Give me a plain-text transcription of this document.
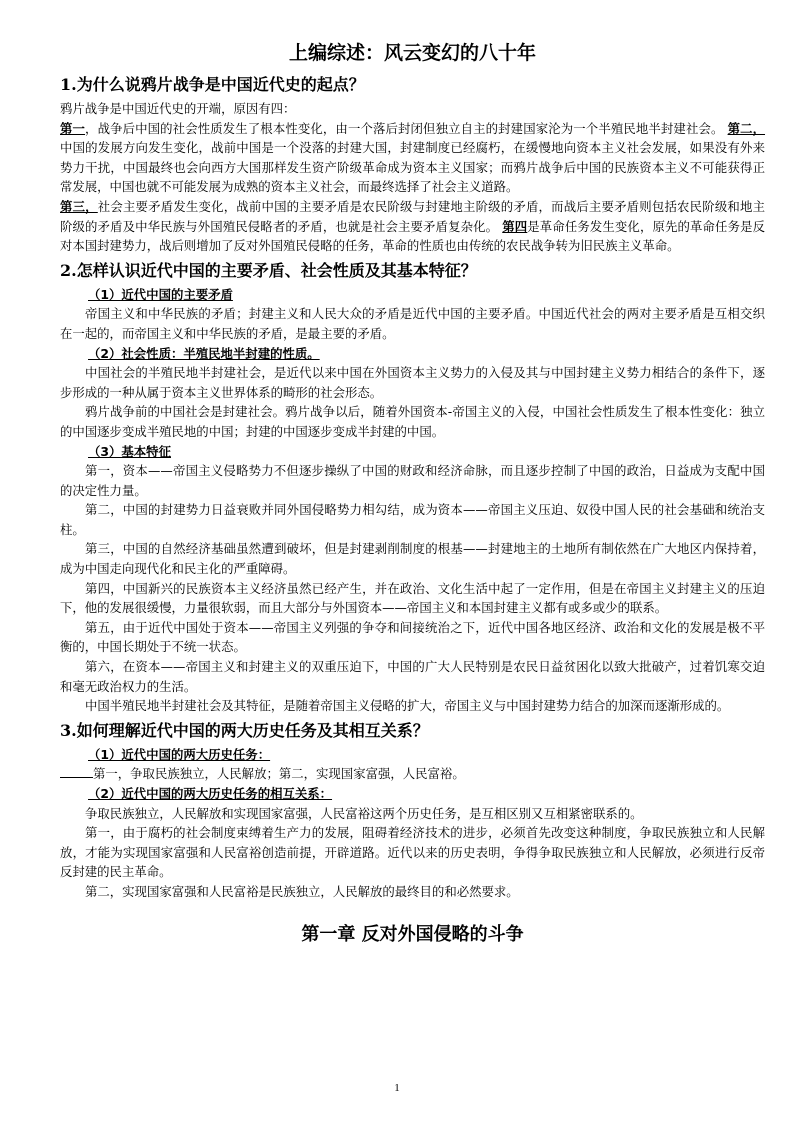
上编综述：风云变幻的八十年
1.为什么说鸦片战争是中国近代史的起点？

鸦片战争是中国近代史的开端，原因有四：

第一，战争后中国的社会性质发生了根本性变化，由一个落后封闭但独立自主的封建国家沦为一个半殖民地半封建社会。 第二，中国的发展方向发生变化，战前中国是一个没落的封建大国，封建制度已经腐朽，在缓慢地向资本主义社会发展，如果没有外来势力干扰，中国最终也会向西方大国那样发生资产阶级革命成为资本主义国家；而鸦片战争后中国的民族资本主义不可能获得正常发展，中国也就不可能发展为成熟的资本主义社会，而最终选择了社会主义道路。

第三，社会主要矛盾发生变化，战前中国的主要矛盾是农民阶级与封建地主阶级的矛盾，而战后主要矛盾则包括农民阶级和地主阶级的矛盾及中华民族与外国殖民侵略者的矛盾，也就是社会主要矛盾复杂化。 第四是革命任务发生变化，原先的革命任务是反对本国封建势力，战后则增加了反对外国殖民侵略的任务，革命的性质也由传统的农民战争转为旧民族主义革命。

2.怎样认识近代中国的主要矛盾、社会性质及其基本特征？
（1）近代中国的主要矛盾

帝国主义和中华民族的矛盾；封建主义和人民大众的矛盾是近代中国的主要矛盾。中国近代社会的两对主要矛盾是互相交织在一起的，而帝国主义和中华民族的矛盾，是最主要的矛盾。

（2）社会性质：半殖民地半封建的性质。

中国社会的半殖民地半封建社会，是近代以来中国在外国资本主义势力的入侵及其与中国封建主义势力相结合的条件下，逐步形成的一种从属于资本主义世界体系的畸形的社会形态。

鸦片战争前的中国社会是封建社会。鸦片战争以后，随着外国资本-帝国主义的入侵，中国社会性质发生了根本性变化：独立的中国逐步变成半殖民地的中国；封建的中国逐步变成半封建的中国。

（3）基本特征

第一，资本——帝国主义侵略势力不但逐步操纵了中国的财政和经济命脉，而且逐步控制了中国的政治，日益成为支配中国的决定性力量。

第二，中国的封建势力日益衰败并同外国侵略势力相勾结，成为资本——帝国主义压迫、奴役中国人民的社会基础和统治支柱。

第三，中国的自然经济基础虽然遭到破坏，但是封建剥削制度的根基——封建地主的土地所有制依然在广大地区内保持着，成为中国走向现代化和民主化的严重障碍。

第四，中国新兴的民族资本主义经济虽然已经产生，并在政治、文化生活中起了一定作用，但是在帝国主义封建主义的压迫下，他的发展很缓慢，力量很软弱，而且大部分与外国资本——帝国主义和本国封建主义都有或多或少的联系。

第五，由于近代中国处于资本——帝国主义列强的争夺和间接统治之下，近代中国各地区经济、政治和文化的发展是极不平衡的，中国长期处于不统一状态。

第六，在资本——帝国主义和封建主义的双重压迫下，中国的广大人民特别是农民日益贫困化以致大批破产，过着饥寒交迫和毫无政治权力的生活。

中国半殖民地半封建社会及其特征，是随着帝国主义侵略的扩大，帝国主义与中国封建势力结合的加深而逐渐形成的。

3.如何理解近代中国的两大历史任务及其相互关系？
（1）近代中国的两大历史任务：

第一，争取民族独立，人民解放；第二，实现国家富强，人民富裕。

（2）近代中国的两大历史任务的相互关系：

争取民族独立，人民解放和实现国家富强，人民富裕这两个历史任务，是互相区别又互相紧密联系的。

第一，由于腐朽的社会制度束缚着生产力的发展，阻碍着经济技术的进步，必须首先改变这种制度，争取民族独立和人民解放，才能为实现国家富强和人民富裕创造前提，开辟道路。近代以来的历史表明，争得争取民族独立和人民解放，必须进行反帝反封建的民主革命。

第二，实现国家富强和人民富裕是民族独立，人民解放的最终目的和必然要求。

第一章 反对外国侵略的斗争
1
